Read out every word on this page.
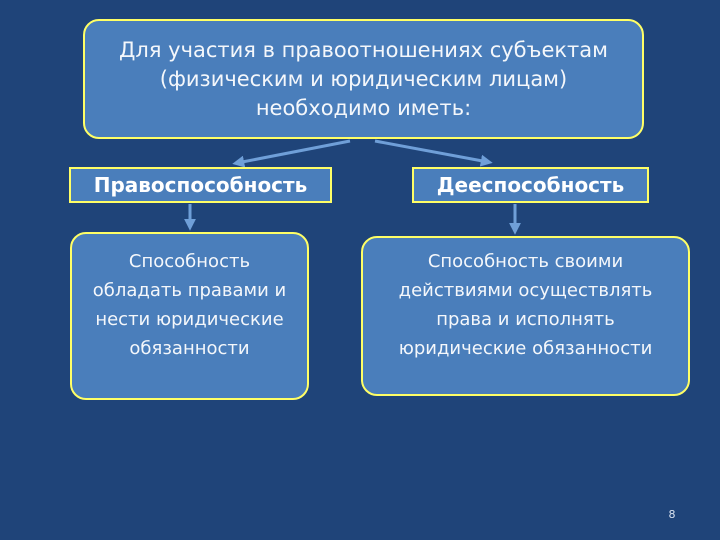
Для участия в правоотношениях субъектам (физическим и юридическим лицам) необходимо иметь:
Правоспособность	Дееспособность
Способность
обладать правами и
нести юридические
обязанности
Способность своими
действиями осуществлять
права и исполнять
юридические обязанности
8
